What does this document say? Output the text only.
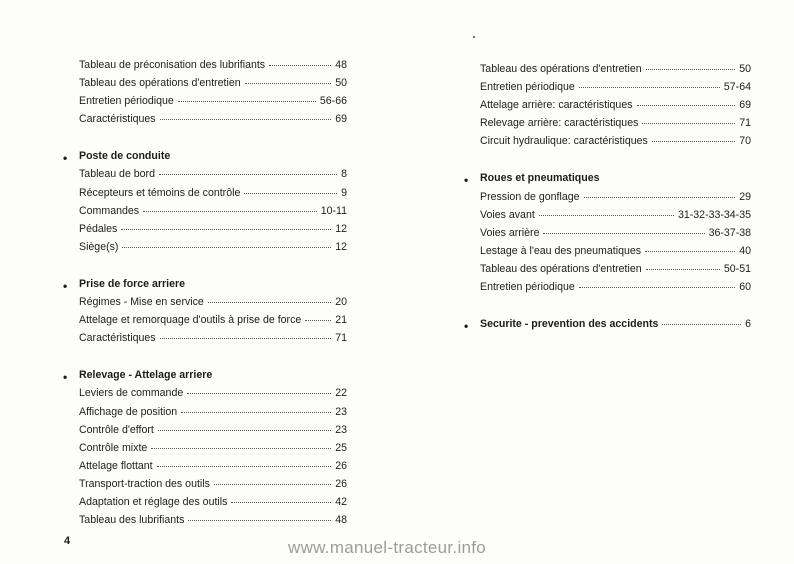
Tableau de préconisation des lubrifiants	48
Tableau des opérations d'entretien	50
Entretien périodique	56-66
Caractéristiques	69
• Poste de conduite
Tableau de bord	8
Récepteurs et témoins de contrôle	9
Commandes	10-11
Pédales	12
Siège(s)	12
• Prise de force arriere
Régimes - Mise en service	20
Attelage et remorquage d'outils à prise de force	21
Caractéristiques	71
• Relevage - Attelage arriere
Leviers de commande	22
Affichage de position	23
Contrôle d'effort	23
Contrôle mixte	25
Attelage flottant	26
Transport-traction des outils	26
Adaptation et réglage des outils	42
Tableau des lubrifiants	48
Tableau des opérations d'entretien	50
Entretien périodique	57-64
Attelage arrière: caractéristiques	69
Relevage arrière: caractéristiques	71
Circuit hydraulique: caractéristiques	70
• Roues et pneumatiques
Pression de gonflage	29
Voies avant	31-32-33-34-35
Voies arrière	36-37-38
Lestage à l'eau des pneumatiques	40
Tableau des opérations d'entretien	50-51
Entretien périodique	60
• Securite - prevention des accidents	6
4	www.manuel-tracteur.info
